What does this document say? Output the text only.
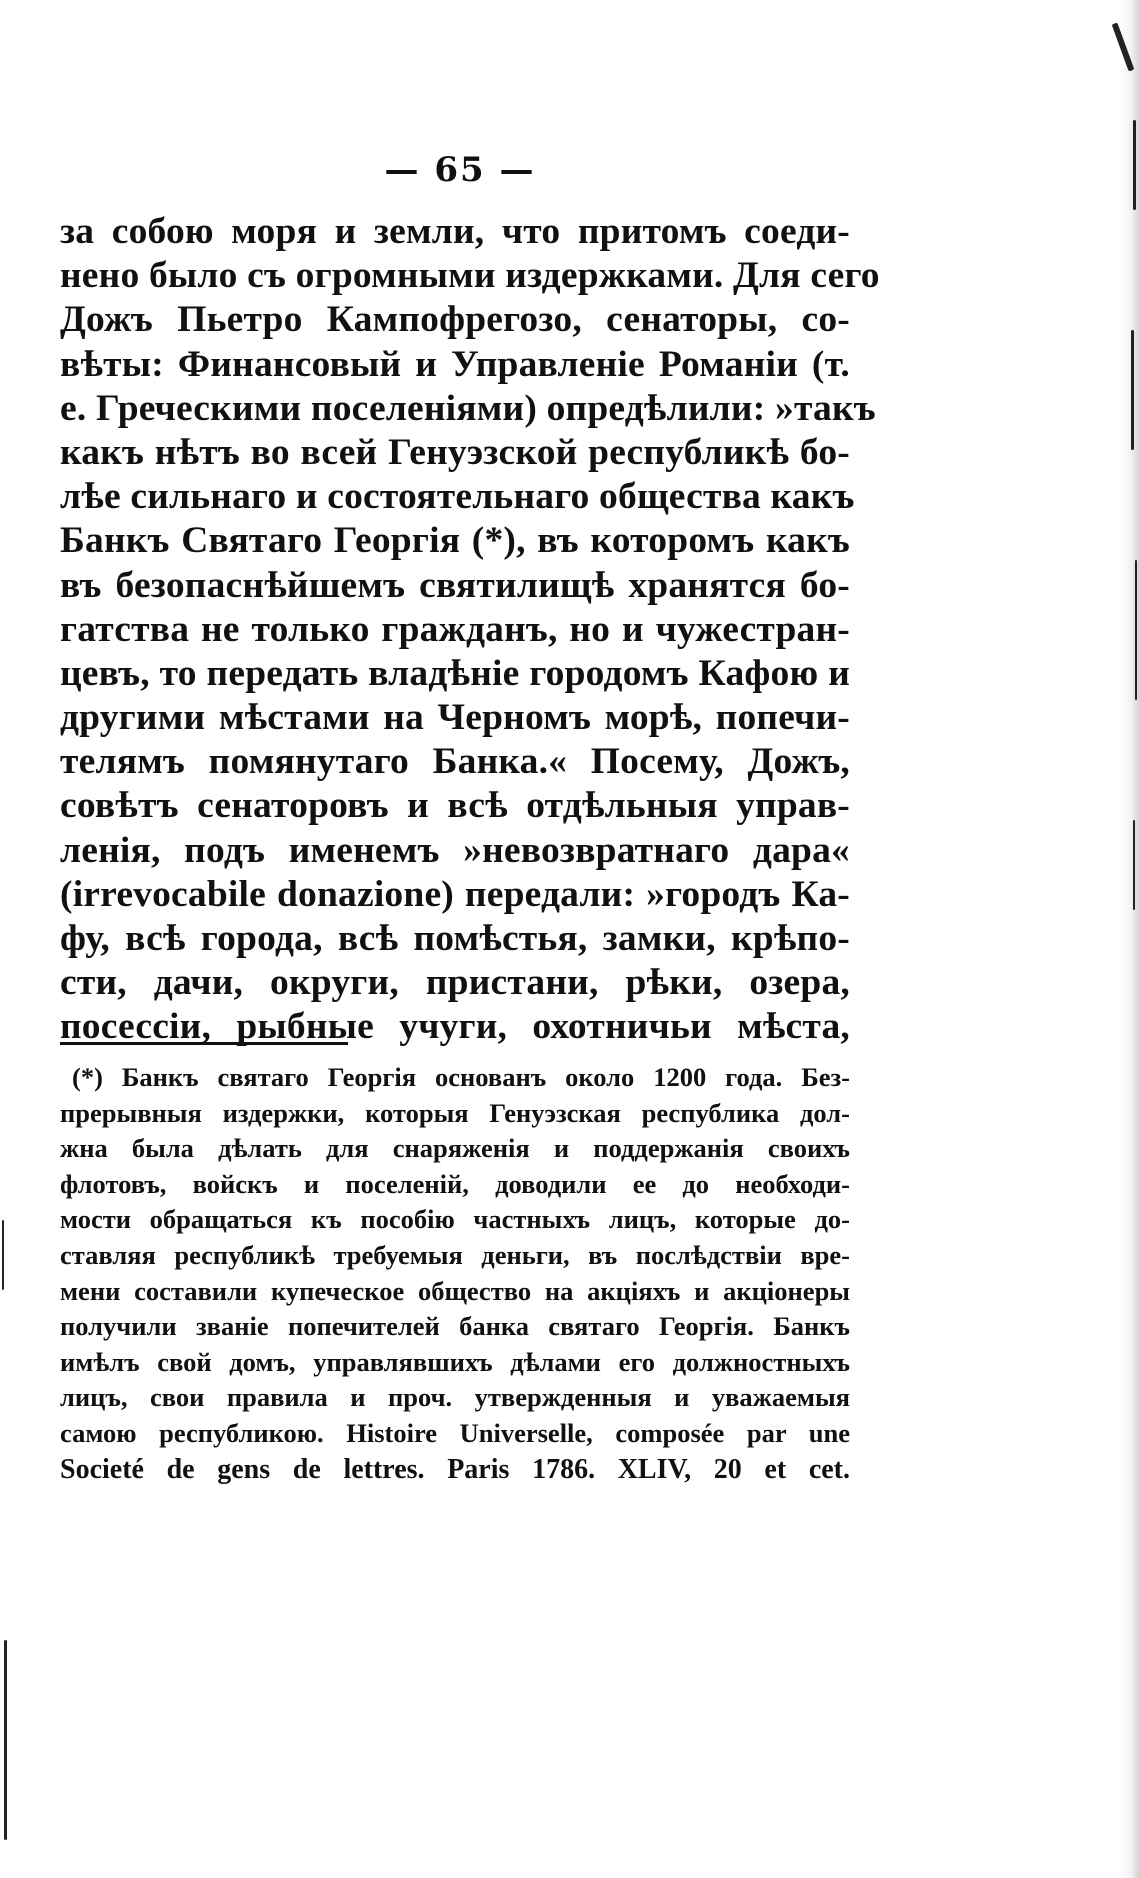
— 65 —
за собою моря и земли, что притомъ соеди-
нено было съ огромными издержками. Для сего
Дожъ Пьетро Кампофрегозо, сенаторы, со-
вѣты: Финансовый и Управленіе Романіи (т.
е. Греческими поселеніями) опредѣлили: »такъ
какъ нѣтъ во всей Генуэзской республикѣ бо-
лѣе сильнаго и состоятельнаго общества какъ
Банкъ Святаго Георгія (*), въ которомъ какъ
въ безопаснѣйшемъ святилищѣ хранятся бо-
гатства не только гражданъ, но и чужестран-
цевъ, то передать владѣніе городомъ Кафою и
другими мѣстами на Черномъ морѣ, попечи-
телямъ помянутаго Банка.« Посему, Дожъ,
совѣтъ сенаторовъ и всѣ отдѣльныя управ-
ленія, подъ именемъ »невозвратнаго дара«
(irrevocabile donazione) передали: »городъ Ка-
фу, всѣ города, всѣ помѣстья, замки, крѣпо-
сти, дачи, округи, пристани, рѣки, озера,
посессіи, рыбные учуги, охотничьи мѣста,
(*) Банкъ святаго Георгія основанъ около 1200 года. Без-
прерывныя издержки, которыя Генуэзская республика дол-
жна была дѣлать для снаряженія и поддержанія своихъ
флотовъ, войскъ и поселеній, доводили ее до необходи-
мости обращаться къ пособію частныхъ лицъ, которые до-
ставляя республикѣ требуемыя деньги, въ послѣдствіи вре-
мени составили купеческое общество на акціяхъ и акціонеры
получили званіе попечителей банка святаго Георгія. Банкъ
имѣлъ свой домъ, управлявшихъ дѣлами его должностныхъ
лицъ, свои правила и проч. утвержденныя и уважаемыя
самою республикою. Histoire Universelle, composée par une
Societé de gens de lettres. Paris 1786. XLIV, 20 et cet.
